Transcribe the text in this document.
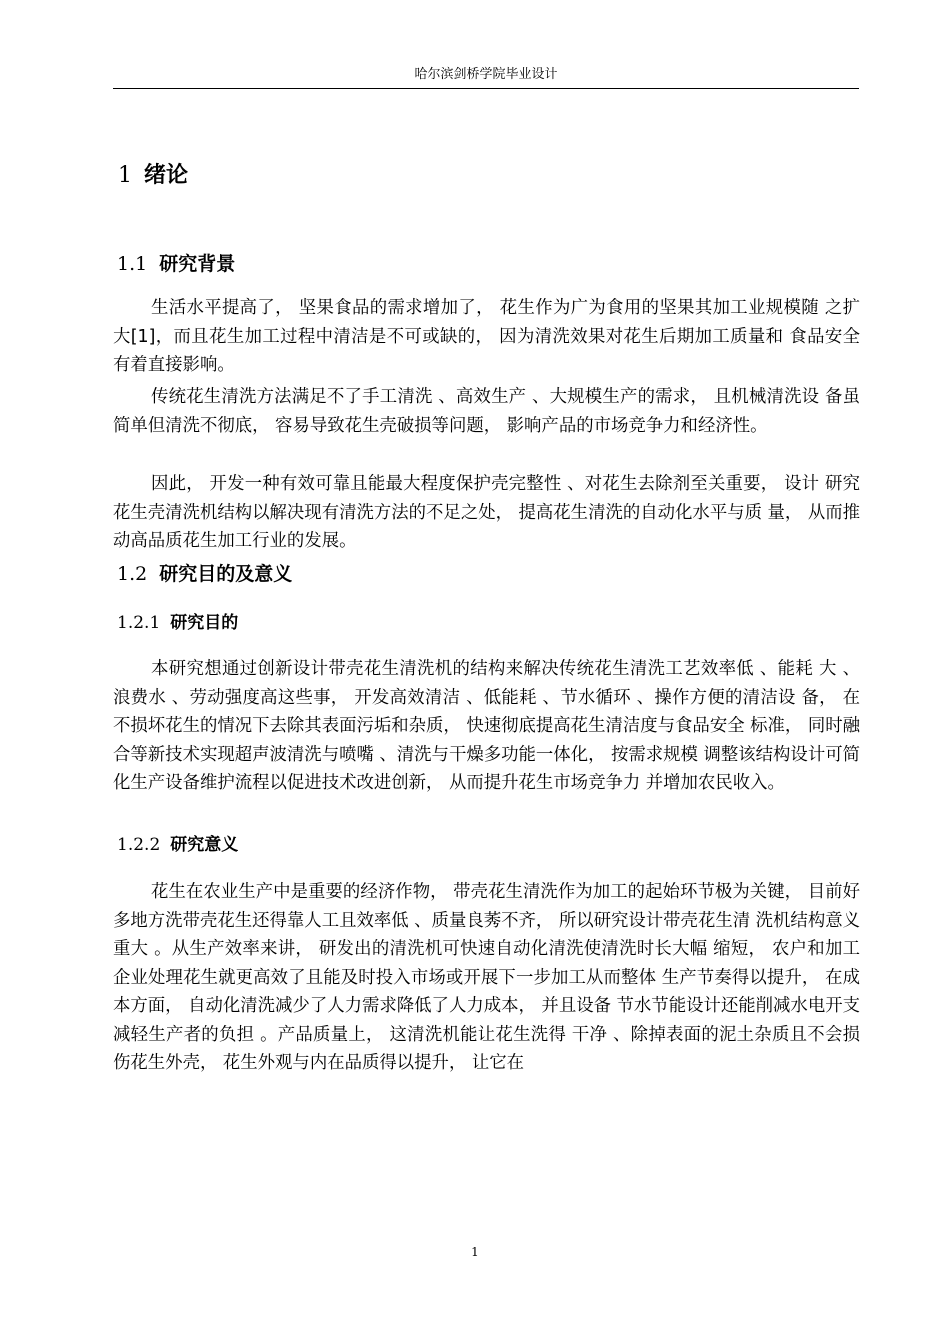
哈尔滨剑桥学院毕业设计
1 绪论
1.1 研究背景

生活水平提高了， 坚果食品的需求增加了， 花生作为广为食用的坚果其加工业规模随 之扩大[1]，而且花生加工过程中清洁是不可或缺的， 因为清洗效果对花生后期加工质量和 食品安全有着直接影响。

传统花生清洗方法满足不了手工清洗 、高效生产 、大规模生产的需求， 且机械清洗设 备虽简单但清洗不彻底， 容易导致花生壳破损等问题， 影响产品的市场竞争力和经济性。

因此， 开发一种有效可靠且能最大程度保护壳完整性 、对花生去除剂至关重要， 设计 研究花生壳清洗机结构以解决现有清洗方法的不足之处， 提高花生清洗的自动化水平与质 量， 从而推动高品质花生加工行业的发展。

1.2 研究目的及意义
1.2.1 研究目的

本研究想通过创新设计带壳花生清洗机的结构来解决传统花生清洗工艺效率低 、能耗 大 、浪费水 、劳动强度高这些事， 开发高效清洁 、低能耗 、节水循环 、操作方便的清洁设 备， 在不损坏花生的情况下去除其表面污垢和杂质， 快速彻底提高花生清洁度与食品安全 标准， 同时融合等新技术实现超声波清洗与喷嘴 、清洗与干燥多功能一体化， 按需求规模 调整该结构设计可简化生产设备维护流程以促进技术改进创新， 从而提升花生市场竞争力 并增加农民收入。

1.2.2 研究意义

花生在农业生产中是重要的经济作物， 带壳花生清洗作为加工的起始环节极为关键， 目前好多地方洗带壳花生还得靠人工且效率低 、质量良莠不齐， 所以研究设计带壳花生清 洗机结构意义重大 。从生产效率来讲， 研发出的清洗机可快速自动化清洗使清洗时长大幅 缩短， 农户和加工企业处理花生就更高效了且能及时投入市场或开展下一步加工从而整体 生产节奏得以提升， 在成本方面， 自动化清洗减少了人力需求降低了人力成本， 并且设备 节水节能设计还能削减水电开支减轻生产者的负担 。产品质量上， 这清洗机能让花生洗得 干净 、除掉表面的泥土杂质且不会损伤花生外壳， 花生外观与内在品质得以提升， 让它在

1
